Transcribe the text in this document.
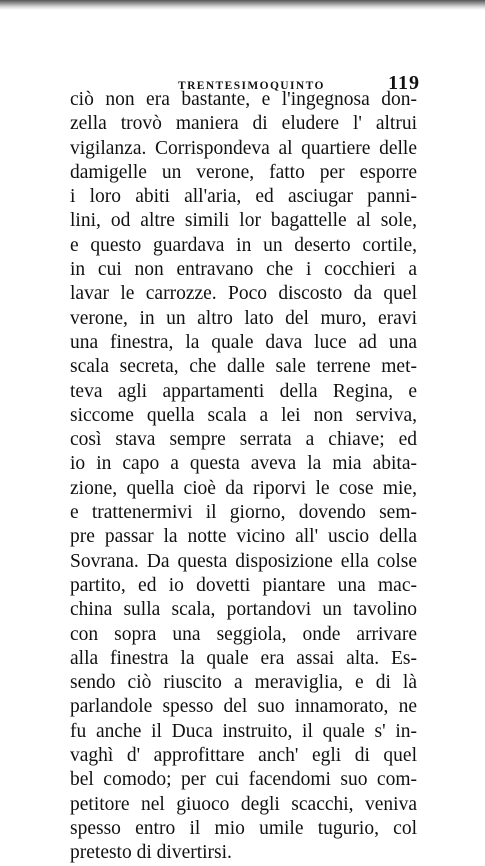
TRENTESIMOQUINTO	119
ciò non era bastante, e l'ingegnosa don-
zella trovò maniera di eludere l' altrui
vigilanza. Corrispondeva al quartiere delle
damigelle un verone, fatto per esporre
i loro abiti all'aria, ed asciugar panni-
lini, od altre simili lor bagattelle al sole,
e questo guardava in un deserto cortile,
in cui non entravano che i cocchieri a
lavar le carrozze. Poco discosto da quel
verone, in un altro lato del muro, eravi
una finestra, la quale dava luce ad una
scala secreta, che dalle sale terrene met-
teva agli appartamenti della Regina, e
siccome quella scala a lei non serviva,
così stava sempre serrata a chiave; ed
io in capo a questa aveva la mia abita-
zione, quella cioè da riporvi le cose mie,
e trattenermivi il giorno, dovendo sem-
pre passar la notte vicino all' uscio della
Sovrana. Da questa disposizione ella colse
partito, ed io dovetti piantare una mac-
china sulla scala, portandovi un tavolino
con sopra una seggiola, onde arrivare
alla finestra la quale era assai alta. Es-
sendo ciò riuscito a meraviglia, e di là
parlandole spesso del suo innamorato, ne
fu anche il Duca instruito, il quale s' in-
vaghì d' approfittare anch' egli di quel
bel comodo; per cui facendomi suo com-
petitore nel giuoco degli scacchi, veniva
spesso entro il mio umile tugurio, col
pretesto di divertirsi.
